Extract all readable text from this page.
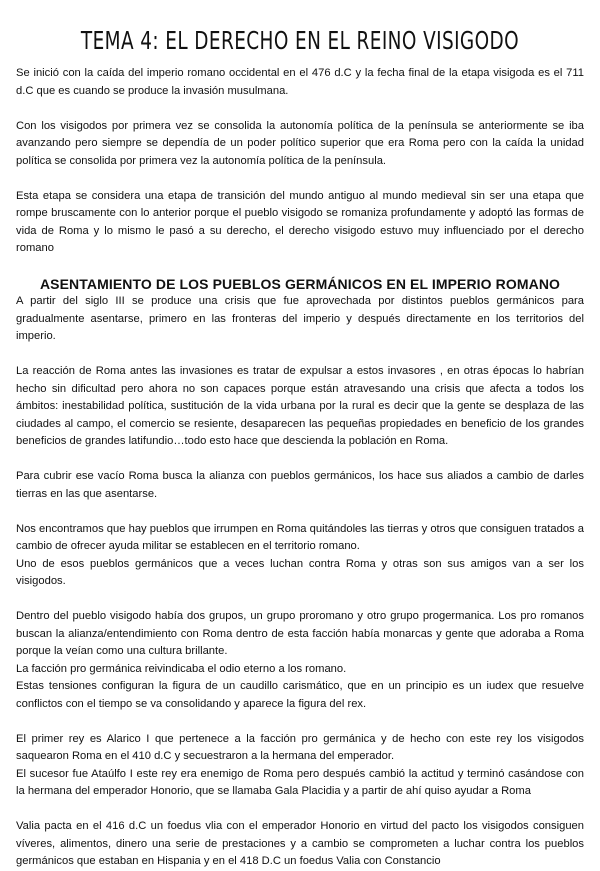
TEMA 4: EL DERECHO EN EL REINO VISIGODO

Se inició con la caída del imperio romano occidental en el 476 d.C y la fecha final de la etapa visigoda es el 711 d.C que es cuando se produce la invasión musulmana.

Con los visigodos por primera vez se consolida la autonomía política de la península se anteriormente se iba avanzando pero siempre se dependía de un poder político superior que era Roma pero con la caída la unidad política se consolida por primera vez la autonomía política de la península.

Esta etapa se considera una etapa de transición del mundo antiguo al mundo medieval sin ser una etapa que rompe bruscamente con lo anterior porque el pueblo visigodo se romaniza profundamente y adoptó las formas de vida de Roma y lo mismo le pasó a su derecho, el derecho visigodo estuvo muy influenciado por el derecho romano

ASENTAMIENTO DE LOS PUEBLOS GERMÁNICOS EN EL IMPERIO ROMANO

A partir del siglo III se produce una crisis que fue aprovechada por distintos pueblos germánicos para gradualmente asentarse, primero en las fronteras del imperio y después directamente en los territorios del imperio.

La reacción de Roma antes las invasiones es tratar de expulsar a estos invasores , en otras épocas lo habrían hecho sin dificultad pero ahora no son capaces porque están atravesando una crisis que afecta a todos los ámbitos: inestabilidad política, sustitución de la vida urbana por la rural es decir que la gente se desplaza de las ciudades al campo, el comercio se resiente, desaparecen las pequeñas propiedades en beneficio de los grandes beneficios de grandes latifundio…todo esto hace que descienda la población en Roma.

Para cubrir ese vacío Roma busca la alianza con pueblos germánicos, los hace sus aliados a cambio de darles tierras en las que asentarse.

Nos encontramos que hay pueblos que irrumpen en Roma quitándoles las tierras y otros que consiguen tratados a cambio de ofrecer ayuda militar se establecen en el territorio romano.

Uno de esos pueblos germánicos que a veces luchan contra Roma y otras son sus amigos van a ser los visigodos.

Dentro del pueblo visigodo había dos grupos, un grupo proromano y otro grupo progermanica. Los pro romanos buscan la alianza/entendimiento con Roma dentro de esta facción había monarcas y gente que adoraba a Roma porque la veían como una cultura brillante.

La facción pro germánica reivindicaba el odio eterno a los romano.

Estas tensiones configuran la figura de un caudillo carismático, que en un principio es un iudex que resuelve conflictos con el tiempo se va consolidando y aparece la figura del rex.

El primer rey es Alarico I que pertenece a la facción pro germánica y de hecho con este rey los visigodos saquearon Roma en el 410 d.C y secuestraron a la hermana del emperador.

El sucesor fue Ataúlfo I este rey era enemigo de Roma pero después cambió la actitud y terminó casándose con la hermana del emperador Honorio, que se llamaba Gala Placidia y a partir de ahí quiso ayudar a Roma

Valia pacta en el 416 d.C un foedus vlia con el emperador Honorio en virtud del pacto los visigodos consiguen víveres, alimentos, dinero una serie de prestaciones y a cambio se comprometen a luchar contra los pueblos germánicos que estaban en Hispania y en el 418 D.C un foedus Valia con Constancio
